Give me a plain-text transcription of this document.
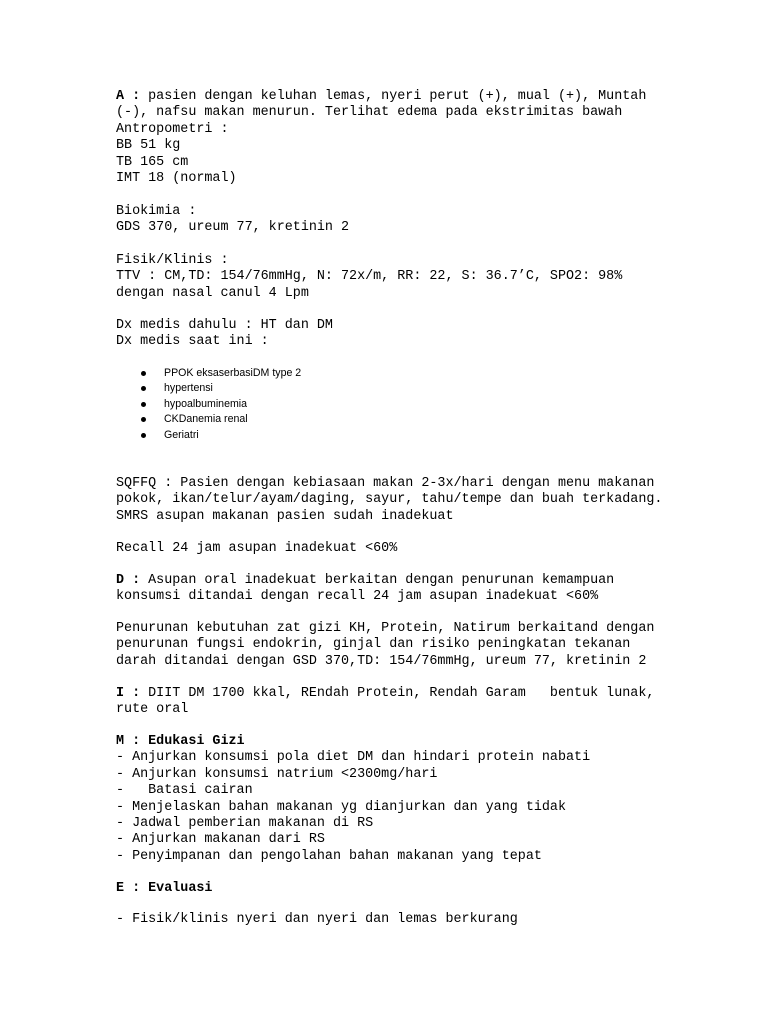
A : pasien dengan keluhan lemas, nyeri perut (+), mual (+), Muntah
(-), nafsu makan menurun. Terlihat edema pada ekstrimitas bawah
Antropometri :
BB 51 kg
TB 165 cm
IMT 18 (normal)
Biokimia :
GDS 370, ureum 77, kretinin 2
Fisik/Klinis :
TTV : CM,TD: 154/76mmHg, N: 72x/m, RR: 22, S: 36.7’C, SPO2: 98%
dengan nasal canul 4 Lpm
Dx medis dahulu : HT dan DM
Dx medis saat ini :
PPOK eksaserbasiDM type 2
hypertensi
hypoalbuminemia
CKDanemia renal
Geriatri
SQFFQ : Pasien dengan kebiasaan makan 2-3x/hari dengan menu makanan
pokok, ikan/telur/ayam/daging, sayur, tahu/tempe dan buah terkadang.
SMRS asupan makanan pasien sudah inadekuat
Recall 24 jam asupan inadekuat <60%
D : Asupan oral inadekuat berkaitan dengan penurunan kemampuan
konsumsi ditandai dengan recall 24 jam asupan inadekuat <60%
Penurunan kebutuhan zat gizi KH, Protein, Natirum berkaitand dengan
penurunan fungsi endokrin, ginjal dan risiko peningkatan tekanan
darah ditandai dengan GSD 370,TD: 154/76mmHg, ureum 77, kretinin 2
I : DIIT DM 1700 kkal, REndah Protein, Rendah Garam   bentuk lunak,
rute oral
M : Edukasi Gizi
- Anjurkan konsumsi pola diet DM dan hindari protein nabati
- Anjurkan konsumsi natrium <2300mg/hari
-   Batasi cairan
- Menjelaskan bahan makanan yg dianjurkan dan yang tidak
- Jadwal pemberian makanan di RS
- Anjurkan makanan dari RS
- Penyimpanan dan pengolahan bahan makanan yang tepat
E : Evaluasi
- Fisik/klinis nyeri dan nyeri dan lemas berkurang
